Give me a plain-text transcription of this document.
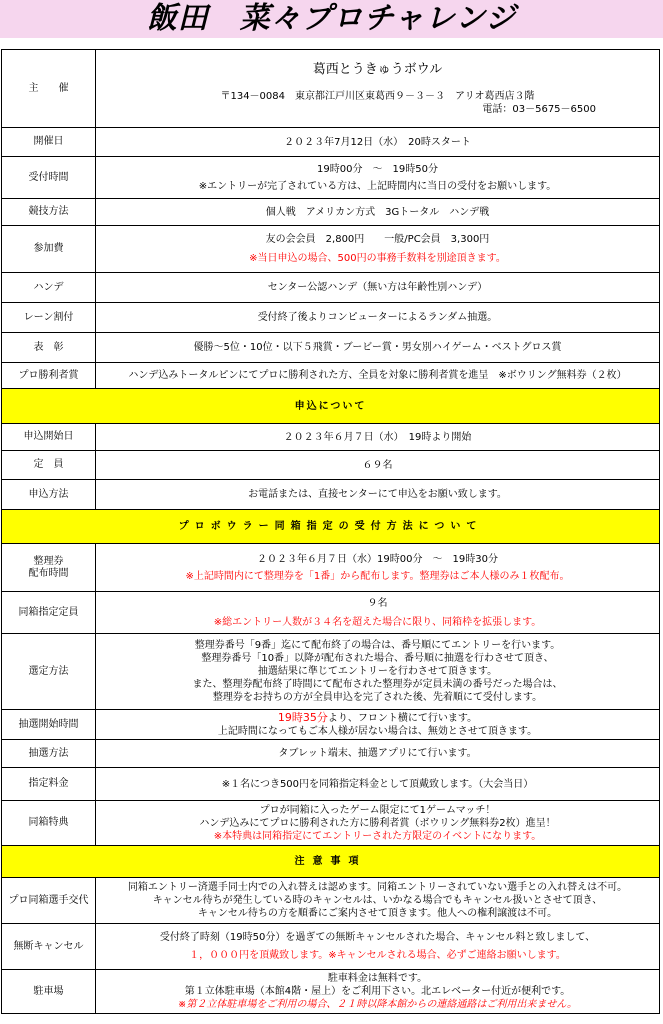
飯田　菜々プロチャレンジ
主　　催	葛西とうきゅうボウル
〒134－0084　東京都江戸川区東葛西９－３－３　アリオ葛西店３階
電話：03－5675－6500

開催日	２０２３年7月12日（水）　20時スタート

受付時間	19時00分　～　19時50分
※エントリーが完了されている方は、上記時間内に当日の受付をお願いします。

競技方法	個人戦　アメリカン方式　3Gトータル　ハンデ戦

参加費	友の会会員　2,800円　　一般/PC会員　3,300円
※当日申込の場合、500円の事務手数料を別途頂きます。

ハンデ	センター公認ハンデ（無い方は年齢性別ハンデ）

レーン割付	受付終了後よりコンピューターによるランダム抽選。

表　彰	優勝～5位・10位・以下５飛賞・ブービー賞・男女別ハイゲーム・ベストグロス賞

プロ勝利者賞	ハンデ込みトータルピンにてプロに勝利された方、全員を対象に勝利者賞を進呈　※ボウリング無料券（２枚）

申込について	
申込開始日	２０２３年６月７日（水）　19時より開始

定　員	６９名

申込方法	お電話または、直接センターにて申込をお願い致します。

プロボウラー同箱指定の受付方法について	
整理券
配布時間	２０２３年６月７日（水）19時00分　～　19時30分
※上記時間内にて整理券を「1番」から配布します。整理券はご本人様のみ１枚配布。

同箱指定定員	９名
※総エントリー人数が３４名を超えた場合に限り、同箱枠を拡張します。

選定方法	整理券番号「9番」迄にて配布終了の場合は、番号順にてエントリーを行います。
整理券番号「10番」以降が配布された場合、番号順に抽選を行わさせて頂き、
抽選結果に準じてエントリーを行わさせて頂きます。
また、整理券配布終了時間にて配布された整理券が定員未満の番号だった場合は、
整理券をお持ちの方が全員申込を完了された後、先着順にて受付します。

抽選開始時間	19時35分より、フロント横にて行います。
上記時間になってもご本人様が居ない場合は、無効とさせて頂きます。

抽選方法	タブレット端末、抽選アプリにて行います。

指定料金	※１名につき500円を同箱指定料金として頂戴致します。（大会当日）

同箱特典	プロが同箱に入ったゲーム限定にて1ゲームマッチ！
ハンデ込みにてプロに勝利された方に勝利者賞（ボウリング無料券2枚）進呈！
※本特典は同箱指定にてエントリーされた方限定のイベントになります。

注意事項	
プロ同箱選手交代	同箱エントリー済選手同士内での入れ替えは認めます。同箱エントリーされていない選手との入れ替えは不可。
キャンセル待ちが発生している時のキャンセルは、いかなる場合でもキャンセル扱いとさせて頂き、
キャンセル待ちの方を順番にご案内させて頂きます。他人への権利譲渡は不可。

無断キャンセル	受付終了時刻（19時50分）を過ぎての無断キャンセルされた場合、キャンセル料と致しまして、
１，０００円を頂戴致します。※キャンセルされる場合、必ずご連絡お願いします。

駐車場	駐車料金は無料です。
第１立体駐車場（本館4階・屋上）をご利用下さい。北エレベーター付近が便利です。
※第２立体駐車場をご利用の場合、２１時以降本館からの連絡通路はご利用出来ません。
